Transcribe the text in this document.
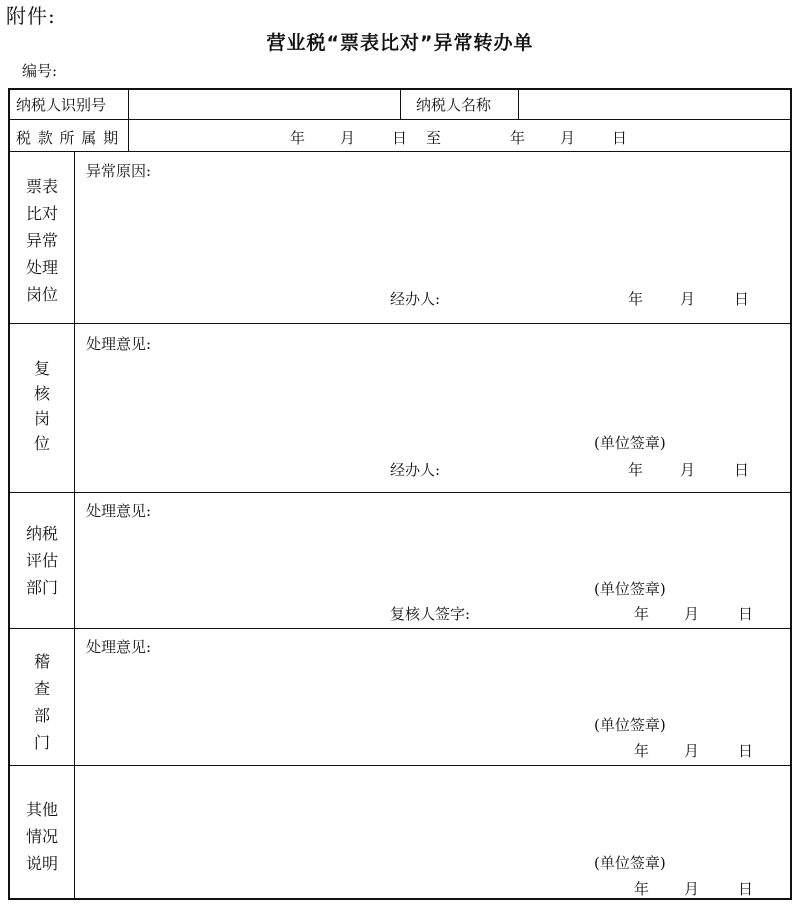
附件:
营业税“票表比对”异常转办单
编号:
纳税人识别号	纳税人名称
税 款 所 属 期	年 月 日 至	年 月 日
票表
比对
异常
处理
岗位
异常原因:
经办人:	年 月	日
复
核
岗
位
处理意见:
(单位签章)
经办人:	年 月	日
纳税
评估
部门
处理意见:
(单位签章)
复核人签字:	年 月	日
稽
查
部
门
处理意见:
(单位签章)
年 月	日
其他
情况
说明	(单位签章)
年 月	日
